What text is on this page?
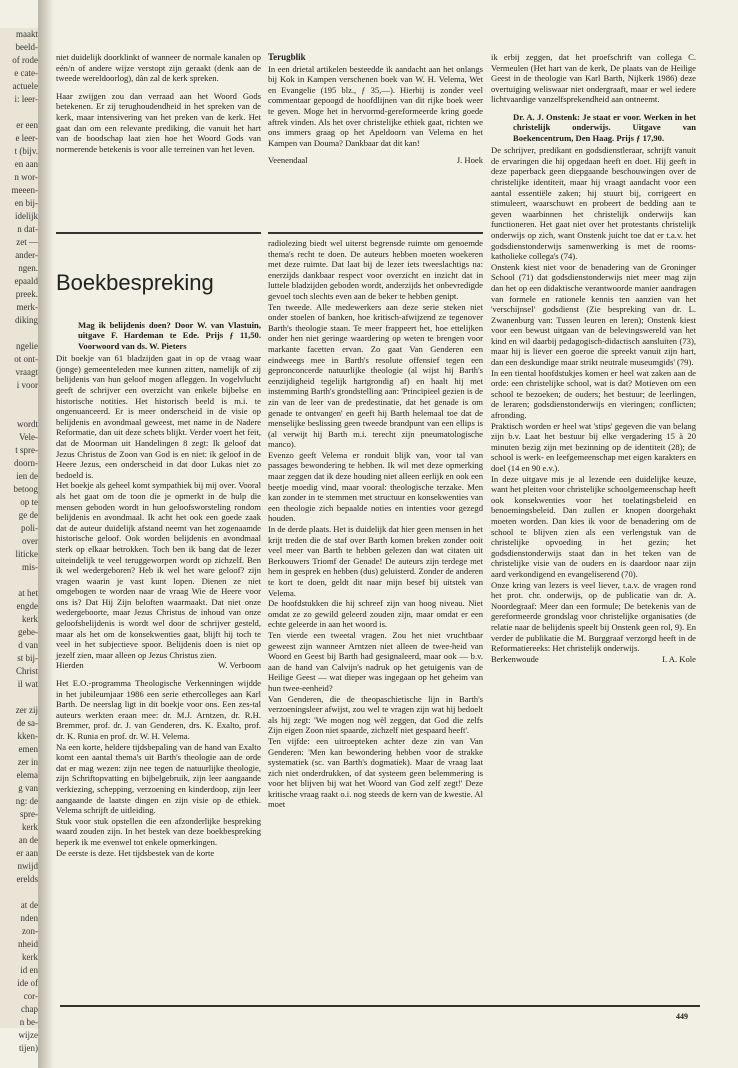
maakt
beeld-
of rode
e cate-
actuele
i: leer-

er een
e leer-
t (bijv.
en aan
n wor-
meeen-
en bij-
idelijk
n dat-
zet —
ander-
ngen.
epaald
preek.
merk-
diking

ngelie
ot ont-
vraagt
i voor

wordt
Vele-
t spre-
doorn-
ien de
betoog
op te
ge de
poli-
over
liticke
mis-

at het
engde
kerk
gebe-
d van
st bij-
Christ
il wat

zer zij
de sa-
kken-
emen
zer in
elema
g van
ng: de
spre-
kerk
an de
er aan
nwijd
erelds

at de
nden
zon-
nheid
kerk
id en
ide of
cor-
chap
n be-
wijze
tijen)

niet duidelijk doorklinkt of wanneer de normale kanalen op eén/n of andere wijze verstopt zijn geraakt (denk aan de tweede wereldoorlog), dàn zal de kerk spreken.

Haar zwijgen zou dan verraad aan het Woord Gods betekenen. Er zij terughoudendheid in het spreken van de kerk, maar intensivering van het preken van de kerk. Het gaat dan om een relevante prediking, die vanuit het hart van de boodschap laat zien hoe het Woord Gods van normerende betekenis is voor alle terreinen van het leven.

Boekbespreking
Mag ik belijdenis doen? Door W. van Vlastuin, uitgave F. Hardeman te Ede. Prijs ƒ 11,50. Voorwoord van ds. W. Pieters

Dit boekje van 61 bladzijden gaat in op de vraag waar (jonge) gemeenteleden mee kunnen zitten, namelijk of zij belijdenis van hun geloof mogen afleggen. In vogelvlucht geeft de schrijver een overzicht van enkele bijbelse en historische notities. Het historisch beeld is m.i. te ongenuanceerd. Er is meer onderscheid in de visie op belijdenis en avondmaal geweest, met name in de Nadere Reformatie, dan uit deze schets blijkt. Verder voert het feit, dat de Moorman uit Handelingen 8 zegt: Ik geloof dat Jezus Christus de Zoon van God is en niet: ik geloof in de Heere Jezus, een onderscheid in dat door Lukas niet zo bedoeld is.
Het boekje als geheel komt sympathiek bij mij over. Vooral als het gaat om de toon die je opmerkt in de hulp die mensen geboden wordt in hun geloofsworsteling rondom belijdenis en avondmaal. Ik acht het ook een goede zaak dat de auteur duidelijk afstand neemt van het zogenaamde historische geloof. Ook worden belijdenis en avondmaal sterk op elkaar betrokken. Toch ben ik bang dat de lezer uiteindelijk te veel teruggeworpen wordt op zichzelf. Ben ik wel wedergeboren? Heb ik wel het ware geloof? zijn vragen waarin je vast kunt lopen. Dienen ze niet omgebogen te worden naar de vraag Wie de Heere voor ons is? Dat Hij Zijn beloften waarmaakt. Dat niet onze wedergeboorte, maar Jezus Christus de inhoud van onze geloofsbelijdenis is wordt wel door de schrijver gesteld, maar als het om de konsekwenties gaat, blijft hij toch te veel in het subjectieve spoor. Belijdenis doen is niet op jezelf zien, maar alleen op Jezus Christus zien.

Hierden	W. Verboom

Het E.O.-programma Theologische Verkenningen wijdde in het jubileumjaar 1986 een serie ethercolleges aan Karl Barth. De neerslag ligt in dit boekje voor ons. Een zes-tal auteurs werkten eraan mee: dr. M.J. Arntzen, dr. R.H. Bremmer, prof. dr. J. van Genderen, drs. K. Exalto, prof. dr. K. Runia en prof. dr. W. H. Velema.
Na een korte, heldere tijdsbepaling van de hand van Exalto komt een aantal thema's uit Barth's theologie aan de orde dat er mag wezen: zijn nee tegen de natuurlijke theologie, zijn Schriftopvatting en bijbelgebruik, zijn leer aangaande verkiezing, schepping, verzoening en kinderdoop, zijn leer aangaande de laatste dingen en zijn visie op de ethiek. Velema schrijft de uitleiding.
Stuk voor stuk opstellen die een afzonderlijke bespreking waard zouden zijn. In het bestek van deze boekbespreking beperk ik me evenwel tot enkele opmerkingen.
De eerste is deze. Het tijdsbestek van de korte

Terugblik

In een drietal artikelen besteedde ik aandacht aan het onlangs bij Kok in Kampen verschenen boek van W. H. Velema, Wet en Evangelie (195 blz., ƒ 35,—). Hierbij is zonder veel commentaar gepoogd de hoofdlijnen van dit rijke boek weer te geven. Moge het in hervormd-gereformeerde kring goede aftrek vinden. Als het over christelijke ethiek gaat, richten we ons immers graag op het Apeldoorn van Velema en het Kampen van Douma? Dankbaar dat dit kan!

Veenendaal	J. Hoek

radiolezing biedt wel uiterst begrensde ruimte om genoemde thema's recht te doen. De auteurs hebben moeten woekeren met deze ruimte. Dat laat bij de lezer iets tweeslachtigs na: enerzijds dankbaar respect voor overzicht en inzicht dat in luttele bladzijden geboden wordt, anderzijds het onbevredigde gevoel toch slechts even aan de beker te hebben genipt.
Ten tweede. Alle medewerkers aan deze serie steken niet onder stoelen of banken, hoe kritisch-afwijzend ze tegenover Barth's theologie staan. Te meer frappeert het, hoe ettelijken onder hen niet geringe waardering op weten te brengen voor markante facetten ervan. Zo gaat Van Genderen een eindweegs mee in Barth's resolute offensief tegen een gepronconcerde natuurlijke theologie (al wijst hij Barth's eenzijdigheid tegelijk hartgrondig af) en haalt hij met instemming Barth's grondstelling aan: 'Principieel gezien is de zin van de leer van de predestinatie, dat het genade is om genade te ontvangen' en geeft hij Barth helemaal toe dat de menselijke beslissing geen tweede brandpunt van een ellips is (al verwijt hij Barth m.i. terecht zijn pneumatologische manco).
Evenzo geeft Velema er ronduit blijk van, voor tal van passages bewondering te hebben. Ik wil met deze opmerking maar zeggen dat ik deze houding niet alleen eerlijk en ook een beetje moedig vind, maar vooral: theologische terzake. Men kan zonder in te stemmen met structuur en konsekwenties van een theologie zich bepaalde noties en intenties voor gezegd houden.
In de derde plaats. Het is duidelijk dat hier geen mensen in het krijt treden die de staf over Barth komen breken zonder ooit veel meer van Barth te hebben gelezen dan wat citaten uit Berkouwers Triomf der Genade! De auteurs zijn terdege met hem in gesprek en hebben (dus) geluisterd. Zonder de anderen te kort te doen, geldt dit naar mijn besef bij uitstek van Velema.
De hoofdstukken die hij schreef zijn van hoog niveau. Niet omdat ze zo gewild geleerd zouden zijn, maar omdat er een echte geleerde in aan het woord is.
Ten vierde een tweetal vragen. Zou het niet vruchtbaar geweest zijn wanneer Arntzen niet alleen de twee-heid van Woord en Geest bij Barth had gesignaleerd, maar ook — b.v. aan de hand van Calvijn's nadruk op het getuigenis van de Heilige Geest — wat dieper was ingegaan op het geheim van hun twee-eenheid?
Van Genderen, die de theopaschietische lijn in Barth's verzoeningsleer afwijst, zou wel te vragen zijn wat hij bedoelt als hij zegt: 'We mogen nog wèl zeggen, dat God die zelfs Zijn eigen Zoon niet spaarde, zichzelf niet gespaard heeft'.
Ten vijfde: een uitroepteken achter deze zin van Van Genderen: 'Men kan bewondering hebben voor de strakke systematiek (sc. van Barth's dogmatiek). Maar de vraag laat zich niet onderdrukken, of dat systeem geen belemmering is voor het blijven bij wat het Woord van God zelf zegt!' Deze kritische vraag raakt o.i. nog steeds de kern van de kwestie. Al moet

ik erbij zeggen, dat het proefschrift van collega C. Vermeulen (Het hart van de kerk, De plaats van de Heilige Geest in de theologie van Karl Barth, Nijkerk 1986) deze overtuiging weliswaar niet ondergraaft, maar er wel iedere lichtvaardige vanzelfsprekendheid aan ontneemt.

Dr. A. J. Onstenk: Je staat er voor. Werken in het christelijk onderwijs. Uitgave van Boekencentrum, Den Haag. Prijs ƒ 17,90.

De schrijver, predikant en godsdienstleraar, schrijft vanuit de ervaringen die hij opgedaan heeft en doet. Hij geeft in deze paperback geen diepgaande beschouwingen over de christelijke identiteit, maar hij vraagt aandacht voor een aantal essentiële zaken; hij stuurt bij, corrigeert en stimuleert, waarschuwt en probeert de bedding aan te geven waarbinnen het christelijk onderwijs kan functioneren. Het gaat niet over het protestants christelijk onderwijs op zich, want Onstenk juicht toe dat er t.a.v. het godsdienstonderwijs samenwerking is met de rooms-katholieke collega's (74).
Onstenk kiest niet voor de benadering van de Groninger School (71) dat godsdienstonderwijs niet meer mag zijn dan het op een didaktische verantwoorde manier aandragen van formele en rationele kennis ten aanzien van het 'verschijnsel' godsdienst (Zie bespreking van dr. L. Zwanenburg van: Tussen leuren en leren); Onstenk kiest voor een bewust uitgaan van de belevingswereld van het kind en wil daarbij pedagogisch-didactisch aansluiten (73), maar hij is liever een goeroe die spreekt vanuit zijn hart, dan een deskundige maar strikt neutrale museumgids' (79).
In een tiental hoofdstukjes komen er heel wat zaken aan de orde: een christelijke school, wat is dat? Motieven om een school te bezoeken; de ouders; het bestuur; de leerlingen, de leraren; godsdienstonderwijs en vieringen; conflicten; afronding.
Praktisch worden er heel wat 'stips' gegeven die van belang zijn b.v. Laat het bestuur bij elke vergadering 15 à 20 minuten bezig zijn met bezinning op de identiteit (28); de school is werk- en leefgemeenschap met eigen karakters en doel (14 en 90 e.v.).
In deze uitgave mis je al lezende een duidelijke keuze, want het pleiten voor christelijke schoolgemeenschap heeft ook konsekwenties voor het toelatingsbeleid en benoemingsbeleid. Dan zullen er knopen doorgehakt moeten worden. Dan kies ik voor de benadering om de school te blijven zien als een verlengstuk van de christelijke opvoeding in het gezin; het godsdienstonderwijs staat dan in het teken van de christelijke visie van de ouders en is daardoor naar zijn aard verkondigend en evangeliserend (70).
Onze kring van lezers is veel liever, t.a.v. de vragen rond het prot. chr. onderwijs, op de publicatie van dr. A. Noordegraaf: Meer dan een formule; De betekenis van de gereformeerde grondslag voor christelijke organisaties (de relatie naar de belijdenis speelt bij Onstenk geen rol, 9). En verder de publikatie die M. Burggraaf verzorgd heeft in de Reformatiereeks: Het christelijk onderwijs.

Berkenwoude	I. A. Kole
449
